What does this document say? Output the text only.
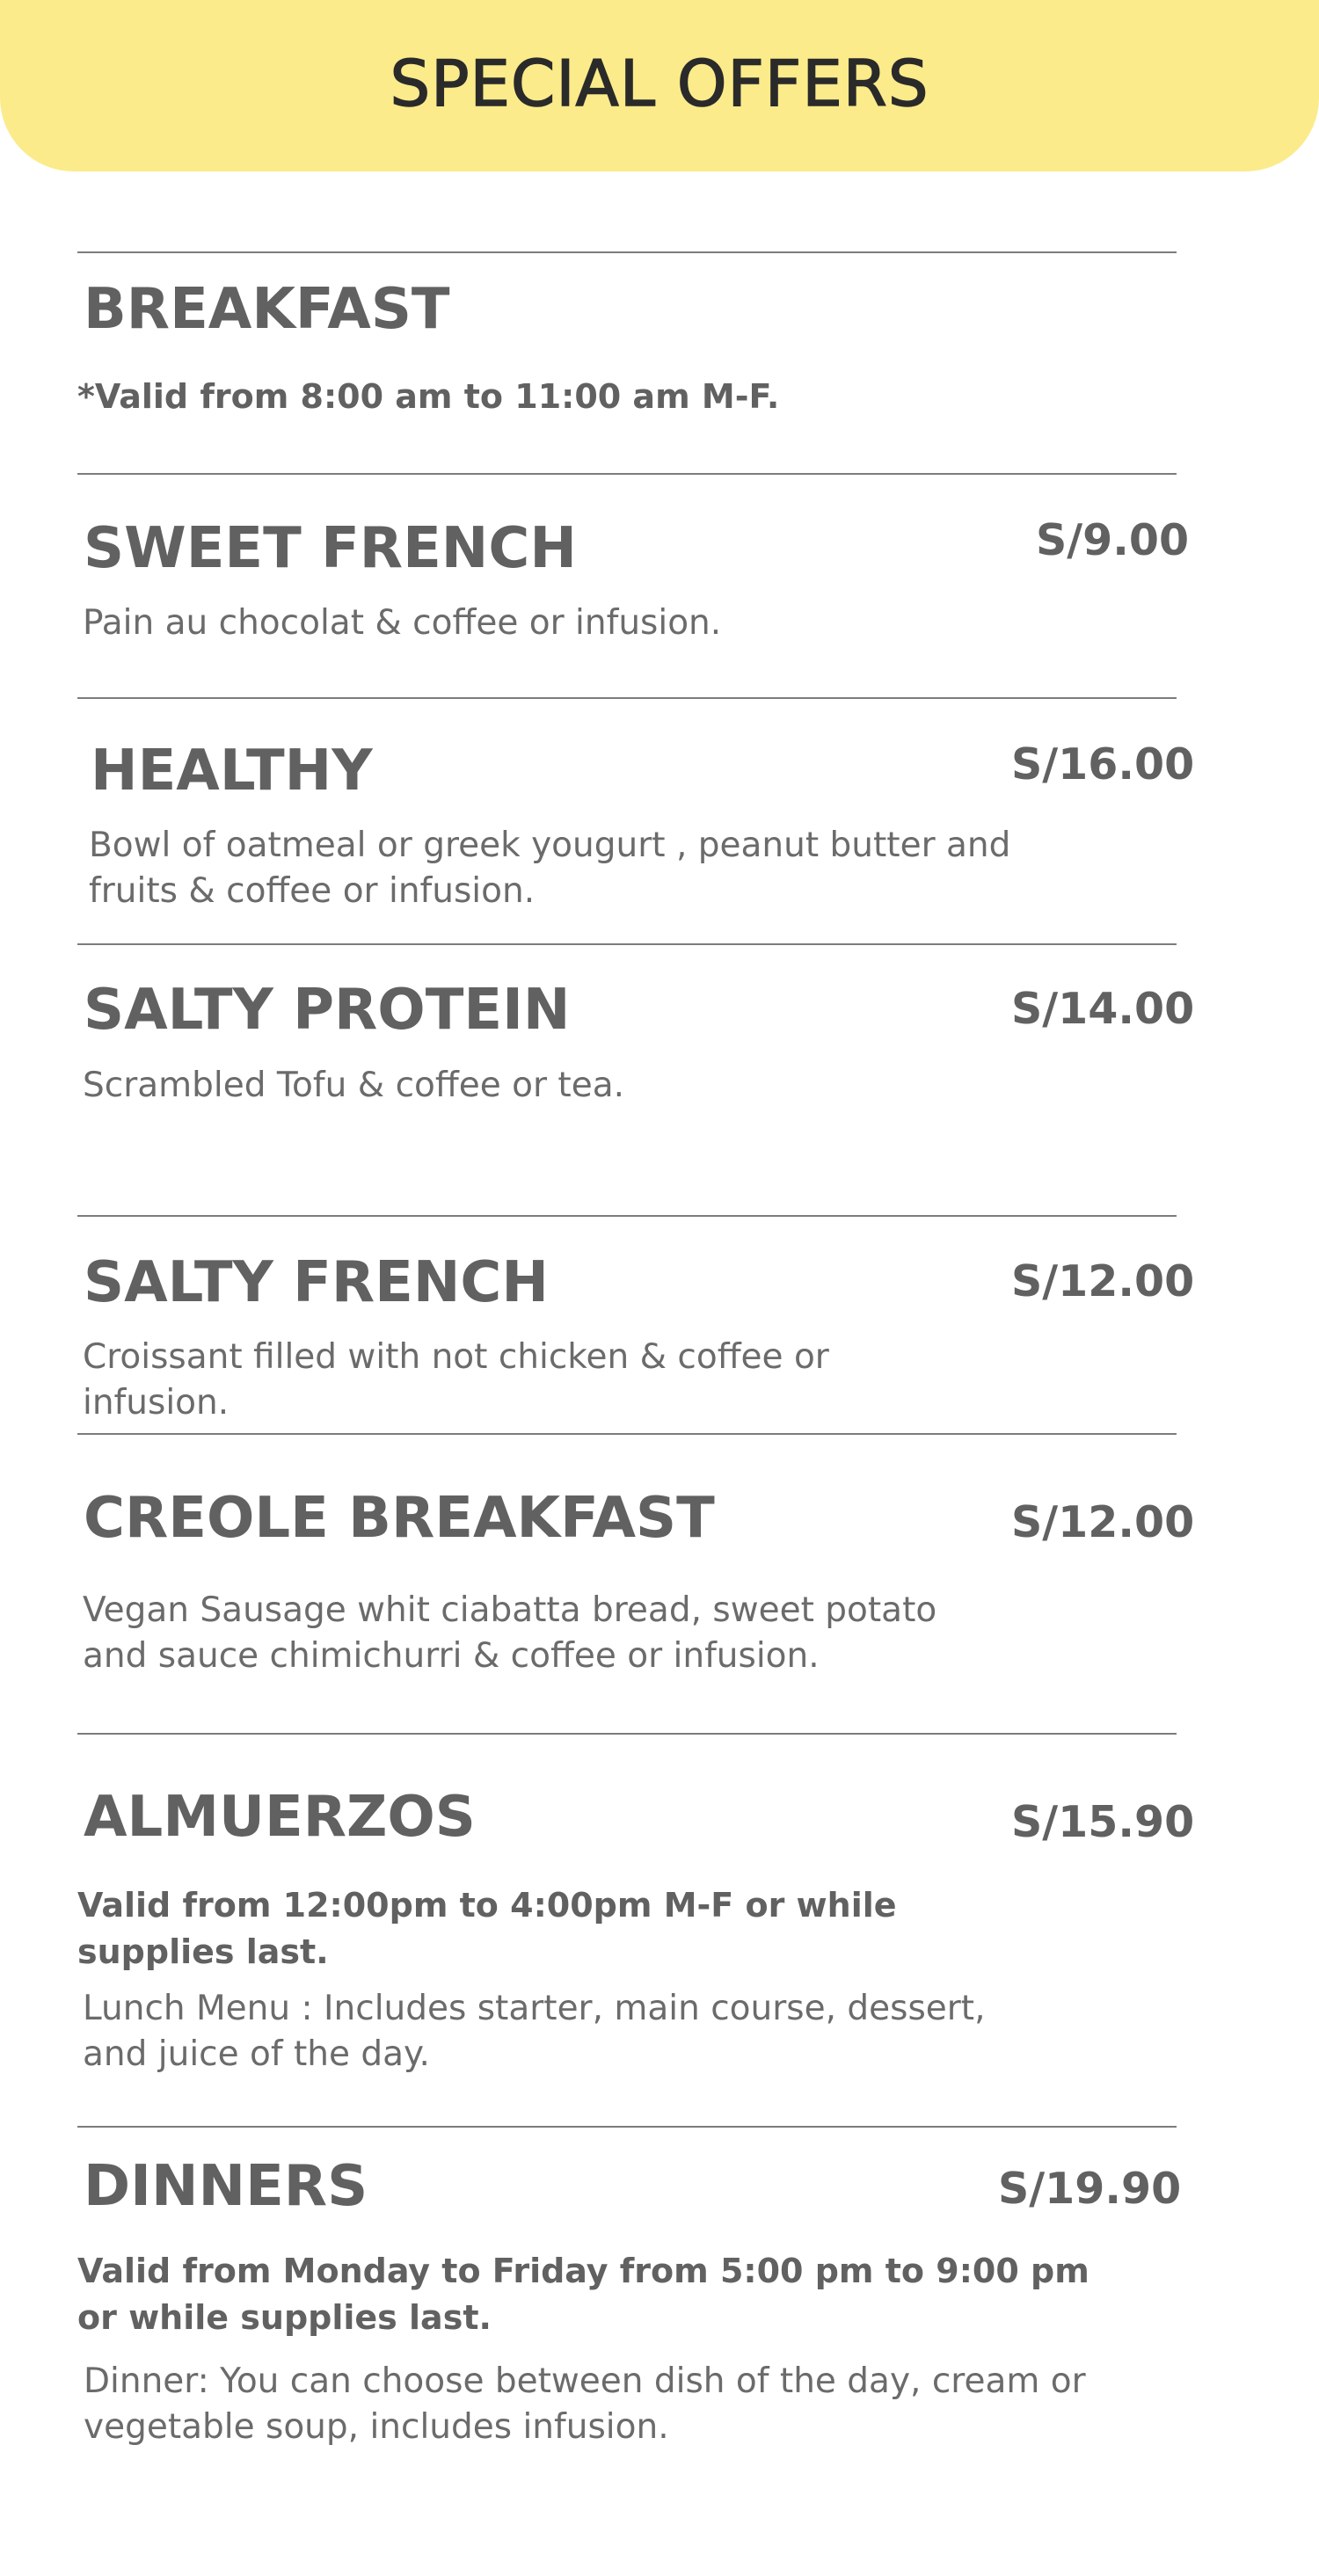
SPECIAL OFFERS
BREAKFAST
*Valid from 8:00 am to 11:00 am M-F.
SWEET FRENCH	S/9.00
Pain au chocolat & coffee or infusion.
HEALTHY	S/16.00
Bowl of oatmeal or greek yougurt , peanut butter and fruits & coffee or infusion.
SALTY PROTEIN	S/14.00
Scrambled Tofu & coffee or tea.
SALTY FRENCH	S/12.00
Croissant filled with not chicken & coffee or infusion.
CREOLE BREAKFAST	S/12.00
Vegan Sausage whit ciabatta bread, sweet potato and sauce chimichurri & coffee or infusion.
ALMUERZOS	S/15.90
Valid from 12:00pm to 4:00pm M-F or while supplies last.
Lunch Menu : Includes starter, main course, dessert, and juice of the day.
DINNERS	S/19.90
Valid from Monday to Friday from 5:00 pm to 9:00 pm or while supplies last.
Dinner: You can choose between dish of the day, cream or vegetable soup, includes infusion.
